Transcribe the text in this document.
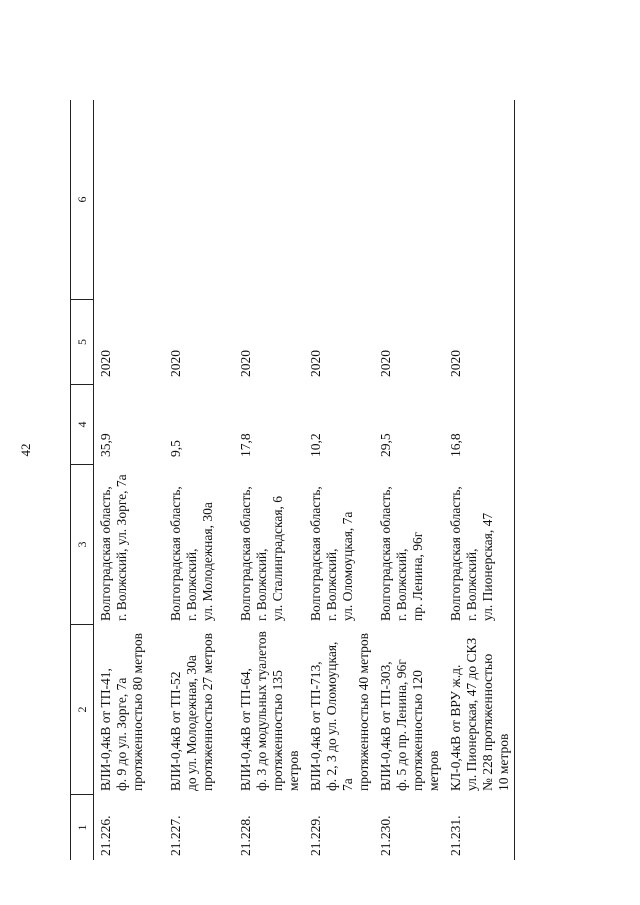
42
1
2
3
4
5
6
21.226.
ВЛИ-0,4кВ от ТП-41,
ф. 9 до ул. Зорге, 7а
протяженностью 80 метров
Волгоградская область,
г. Волжский, ул. Зорге, 7а
35,9
2020
21.227.
ВЛИ-0,4кВ от ТП-52
до ул. Молодежная, 30а
протяженностью 27 метров
Волгоградская область,
г. Волжский,
ул. Молодежная, 30а
9,5
2020
21.228.
ВЛИ-0,4кВ от ТП-64,
ф. 3 до модульных туалетов
протяженностью 135 метров
Волгоградская область,
г. Волжский,
ул. Сталинградская, 6
17,8
2020
21.229.
ВЛИ-0,4кВ от ТП-713,
ф. 2, 3 до ул. Оломоуцкая, 7а
протяженностью 40 метров
Волгоградская область,
г. Волжский,
ул. Оломоуцкая, 7а
10,2
2020
21.230.
ВЛИ-0,4кВ от ТП-303,
ф. 5 до пр. Ленина, 96г
протяженностью 120 метров
Волгоградская область,
г. Волжский,
пр. Ленина, 96г
29,5
2020
21.231.
КЛ-0,4кВ от ВРУ ж.д.
ул. Пионерская, 47 до СКЗ
№ 228 протяженностью
10 метров
Волгоградская область,
г. Волжский,
ул. Пионерская, 47
16,8
2020
